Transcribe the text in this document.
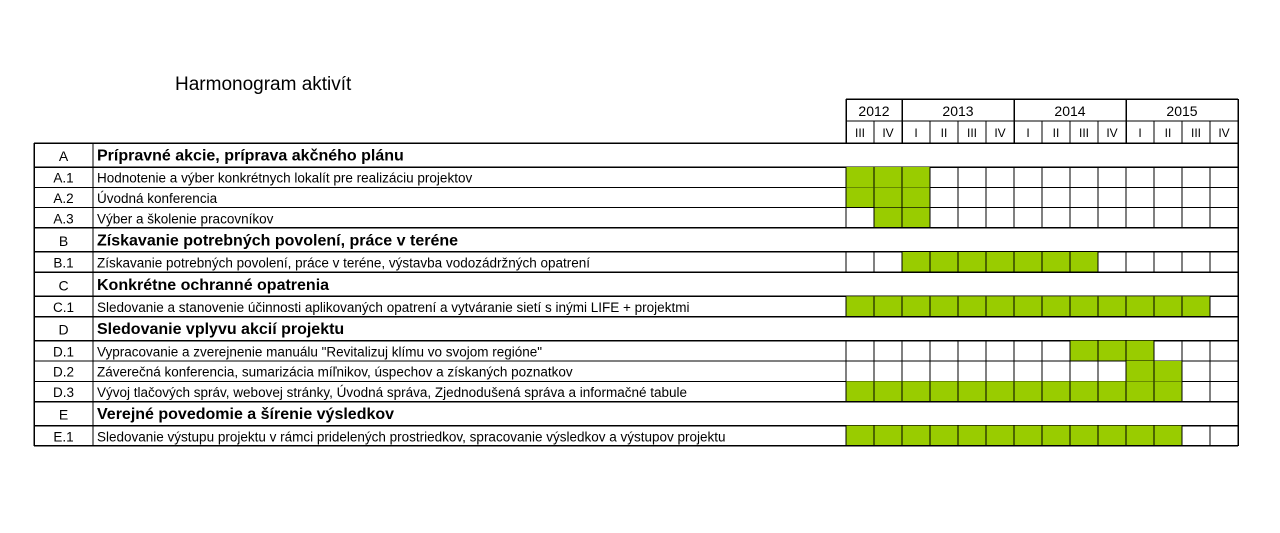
Harmonogram aktivít
2012	2013	2014	2015
III IV I II III IV I II III IV I II III IV
A Prípravné akcie, príprava akčného plánu
A.1 Hodnotenie a výber konkrétnych lokalít pre realizáciu projektov
A.2 Úvodná konferencia
A.3 Výber a školenie pracovníkov
B Získavanie potrebných povolení, práce v teréne
B.1 Získavanie potrebných povolení, práce v teréne, výstavba vodozádržných opatrení
C Konkrétne ochranné opatrenia
C.1 Sledovanie a stanovenie účinnosti aplikovaných opatrení a vytváranie sietí s inými LIFE + projektmi
D Sledovanie vplyvu akcií projektu
D.1 Vypracovanie a zverejnenie manuálu "Revitalizuj klímu vo svojom regióne"
D.2 Záverečná konferencia, sumarizácia míľnikov, úspechov a získaných poznatkov
D.3 Vývoj tlačových správ, webovej stránky, Úvodná správa, Zjednodušená správa a informačné tabule
E Verejné povedomie a šírenie výsledkov
E.1 Sledovanie výstupu projektu v rámci pridelených prostriedkov, spracovanie výsledkov a výstupov projektu
